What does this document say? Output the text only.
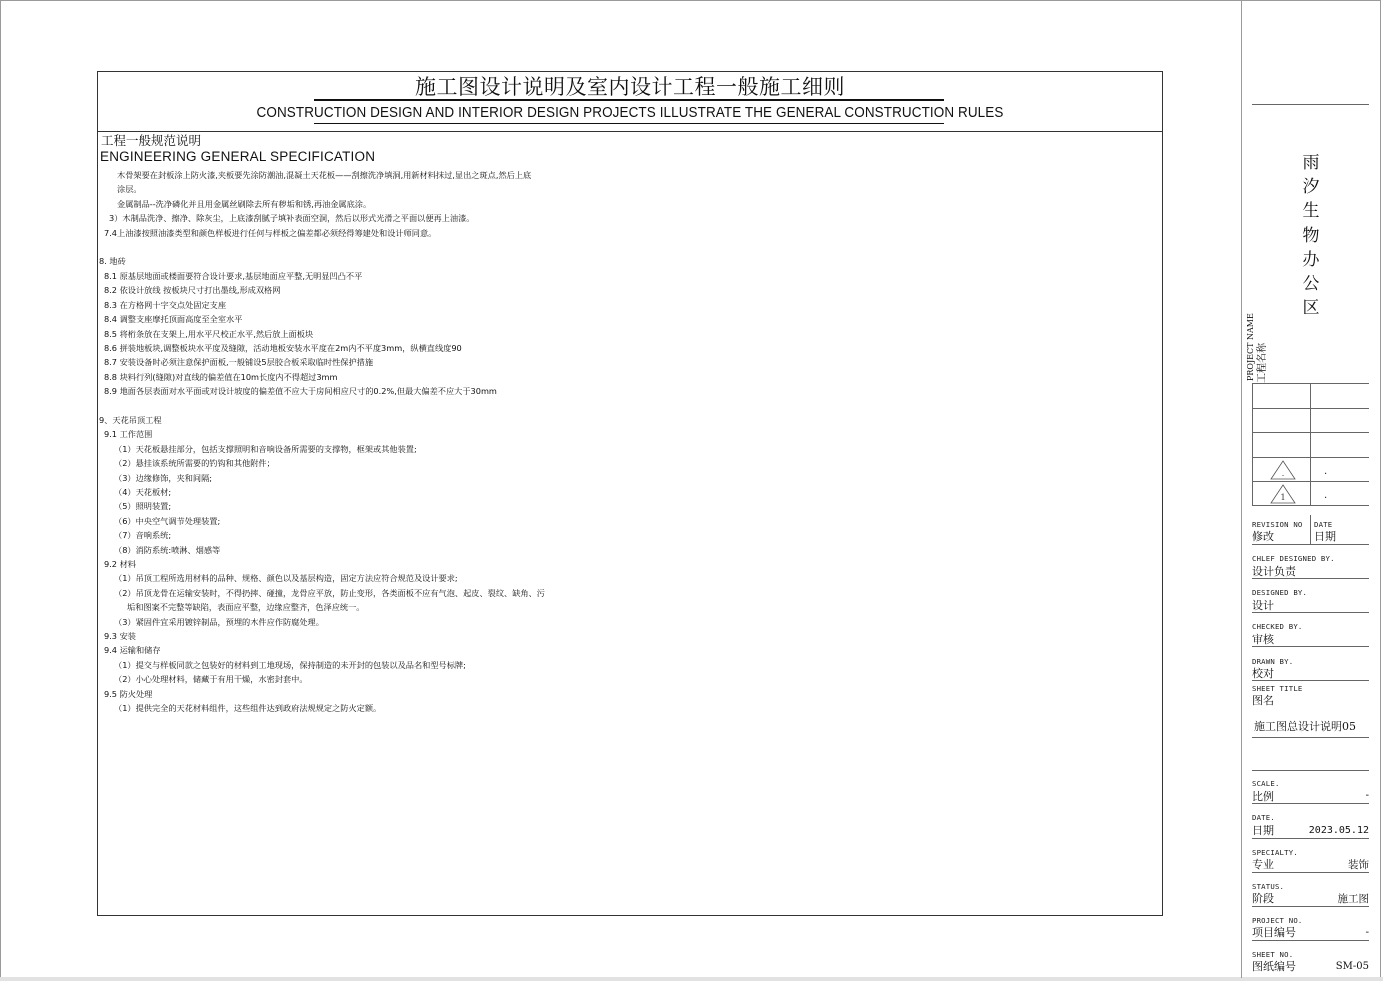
施工图设计说明及室内设计工程一般施工细则
CONSTRUCTION DESIGN AND INTERIOR DESIGN PROJECTS ILLUSTRATE THE GENERAL CONSTRUCTION RULES
工程一般规范说明
ENGINEERING GENERAL SPECIFICATION
木骨架要在封板涂上防火漆,夹板要先涂防潮油,混凝土天花板——刮擦洗净填洞,用新材料抹过,显出之斑点,然后上底
涂层。
金属制品--洗净磷化并且用金属丝刷除去所有秽垢和锈,再油金属底涂。
3）木制品洗净、擦净、除灰尘，上底漆刮腻子填补表面空洞，然后以形式光滑之平面以便再上油漆。
7.4上油漆按照油漆类型和颜色样板进行任何与样板之偏差都必须经得筹建处和设计师同意。
8. 地砖
8.1 原基层地面或楼面要符合设计要求,基层地面应平整,无明显凹凸不平
8.2 依设计放线 按板块尺寸打出墨线,形成双格网
8.3 在方格网十字交点处固定支座
8.4 调整支座摩托顶面高度至全室水平
8.5 将桁条放在支架上,用水平尺校正水平,然后放上面板块
8.6 拼装地板块,调整板块水平度及缝隙，活动地板安装水平度在2m内不平度3mm，纵横直线度90
8.7 安装设备时必须注意保护面板,一般铺设5层胶合板采取临时性保护措施
8.8 块料行列(缝隙)对直线的偏差值在10m长度内不得超过3mm
8.9 地面各层表面对水平面或对设计坡度的偏差值不应大于房间相应尺寸的0.2%,但最大偏差不应大于30mm
9、天花吊顶工程
9.1 工作范围
（1）天花板悬挂部分，包括支撑照明和音响设备所需要的支撑物，框架或其他装置;
（2）悬挂该系统所需要的钓钩和其他附件；
（3）边缘修饰，夹和间隔;
（4）天花板材;
（5）照明装置;
（6）中央空气调节处理装置;
（7）音响系统;
（8）消防系统:喷淋、烟感等
9.2 材料
（1）吊顶工程所选用材料的品种、规格、颜色以及基层构造，固定方法应符合规范及设计要求;
（2）吊顶龙骨在运输安装时，不得扔摔、碰撞，龙骨应平放，防止变形，各类面板不应有气泡、起皮、裂纹、缺角、污
垢和图案不完整等缺陷，表面应平整，边缘应整齐，色泽应统一。
（3）紧固件宜采用镀锌制品，预埋的木件应作防腐处理。
9.3 安装
9.4 运输和储存
（1）提交与样板同款之包装好的材料到工地现场，保持制造的未开封的包装以及品名和型号标牌;
（2）小心处理材料，储藏于有用干燥，水密封套中。
9.5 防火处理
（1）提供完全的天花材料组件，这些组件达到政府法规规定之防火定额。
雨汐生物办公区
PROJECT NAME 工程名称
.
1
.
.
REVISION NO
修改
DATE
日期
CHLEF DESIGNED BY.
设计负责
DESIGNED BY.
设计
CHECKED BY.
审核
DRAWN BY.
校对
SHEET TITLE
图名
施工图总设计说明05
SCALE.
比例	-
DATE.
日期	2023.05.12
SPECIALTY.
专业	装饰
STATUS.
阶段	施工图
PROJECT NO.
项目编号	-
SHEET NO.
图纸编号	SM-05
